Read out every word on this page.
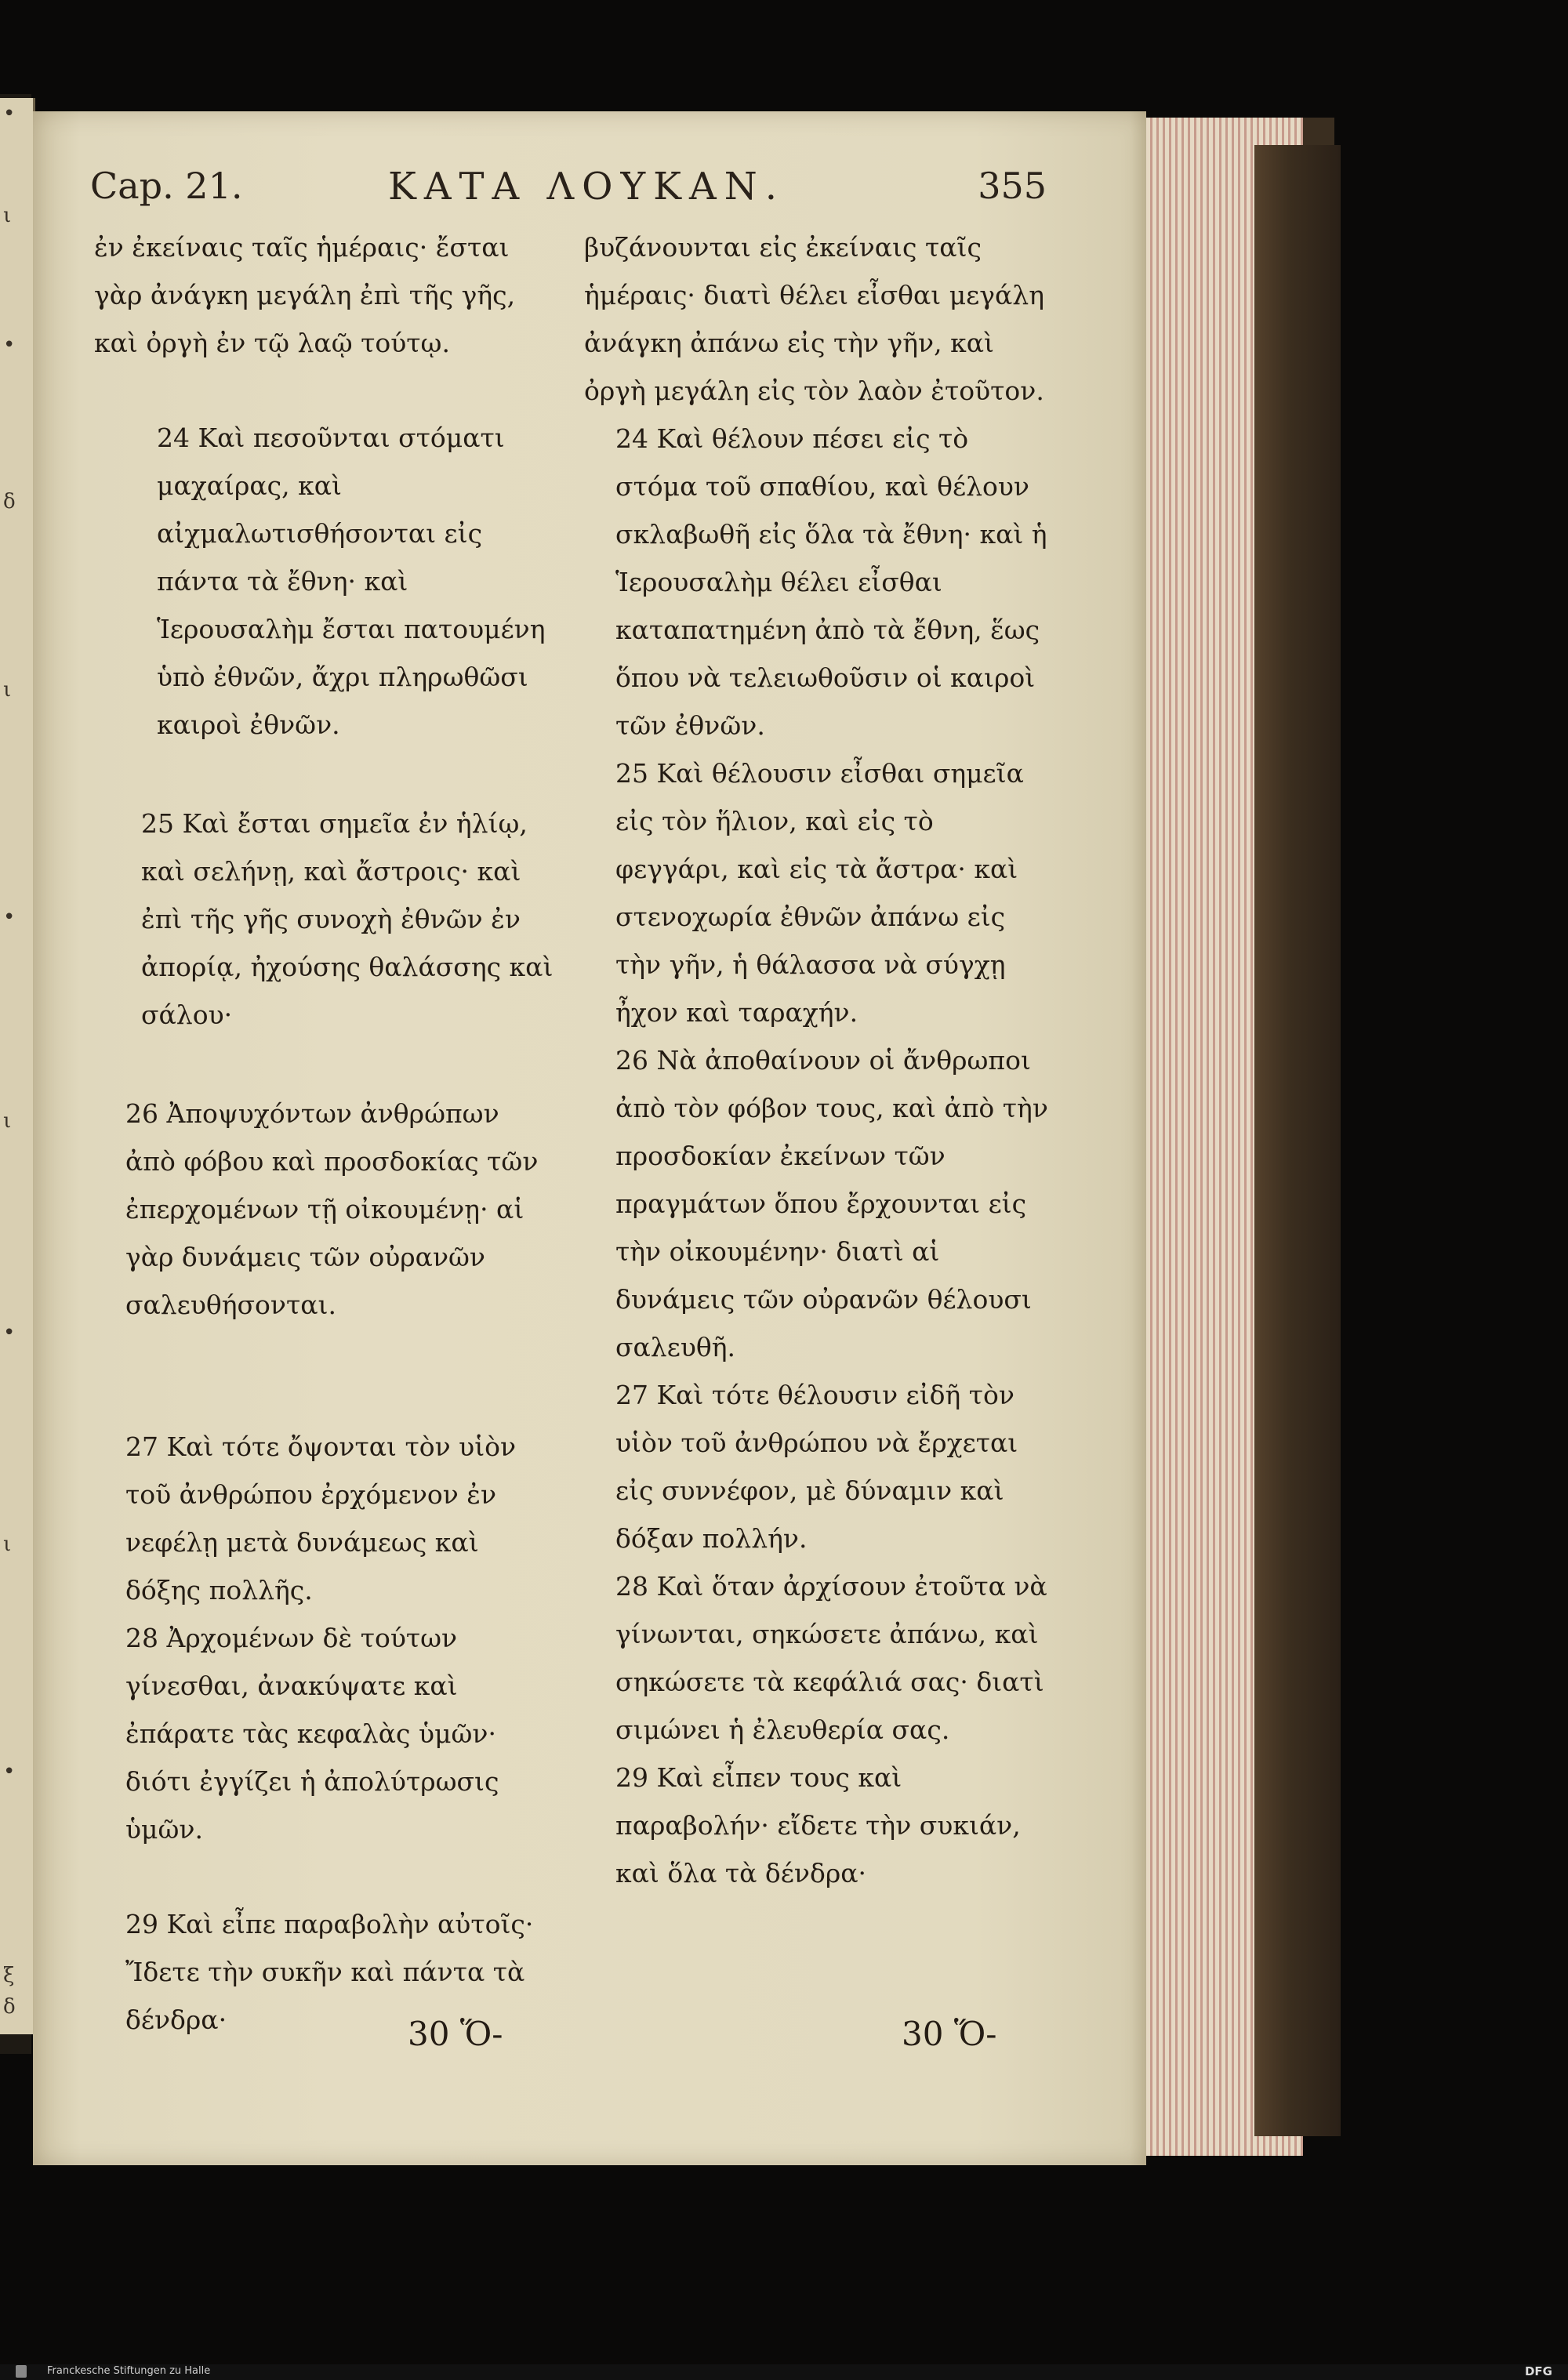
•
ι
•
δ
ι
•
ι
•
ι
•
ξ
δ
Cap. 21.	ΚΑΤΑ ΛΟΥΚΑΝ.	355

ἐν ἐκείναις ταῖς ἡμέραις· ἔσται γὰρ ἀνάγκη μεγάλη ἐπὶ τῆς γῆς, καὶ ὀργὴ ἐν τῷ λαῷ τούτῳ.

24 Καὶ πεσοῦνται στόματι μαχαίρας, καὶ αἰχμαλωτισθήσονται εἰς πάντα τὰ ἔθνη· καὶ Ἱερουσαλὴμ ἔσται πατουμένη ὑπὸ ἐθνῶν, ἄχρι πληρωθῶσι καιροὶ ἐθνῶν.

25 Καὶ ἔσται σημεῖα ἐν ἡλίῳ, καὶ σελήνῃ, καὶ ἄστροις· καὶ ἐπὶ τῆς γῆς συνοχὴ ἐθνῶν ἐν ἀπορίᾳ, ἠχούσης θαλάσσης καὶ σάλου·

26 Ἀποψυχόντων ἀνθρώπων ἀπὸ φόβου καὶ προσδοκίας τῶν ἐπερχομένων τῇ οἰκουμένῃ· αἱ γὰρ δυνάμεις τῶν οὐρανῶν σαλευθήσονται.

27 Καὶ τότε ὄψονται τὸν υἱὸν τοῦ ἀνθρώπου ἐρχόμενον ἐν νεφέλῃ μετὰ δυνάμεως καὶ δόξης πολλῆς.

28 Ἀρχομένων δὲ τούτων γίνεσθαι, ἀνακύψατε καὶ ἐπάρατε τὰς κεφαλὰς ὑμῶν· διότι ἐγγίζει ἡ ἀπολύτρωσις ὑμῶν.

29 Καὶ εἶπε παραβολὴν αὐτοῖς· Ἴδετε τὴν συκῆν καὶ πάντα τὰ δένδρα·

βυζάνουνται εἰς ἐκείναις ταῖς ἡμέραις· διατὶ θέλει εἶσθαι μεγάλη ἀνάγκη ἀπάνω εἰς τὴν γῆν, καὶ ὀργὴ μεγάλη εἰς τὸν λαὸν ἐτοῦτον.

24 Καὶ θέλουν πέσει εἰς τὸ στόμα τοῦ σπαθίου, καὶ θέλουν σκλαβωθῆ εἰς ὅλα τὰ ἔθνη· καὶ ἡ Ἱερουσαλὴμ θέλει εἶσθαι καταπατημένη ἀπὸ τὰ ἔθνη, ἕως ὅπου νὰ τελειωθοῦσιν οἱ καιροὶ τῶν ἐθνῶν.

25 Καὶ θέλουσιν εἶσθαι σημεῖα εἰς τὸν ἥλιον, καὶ εἰς τὸ φεγγάρι, καὶ εἰς τὰ ἄστρα· καὶ στενοχωρία ἐθνῶν ἀπάνω εἰς τὴν γῆν, ἡ θάλασσα νὰ σύγχῃ ἦχον καὶ ταραχήν.

26 Νὰ ἀποθαίνουν οἱ ἄνθρωποι ἀπὸ τὸν φόβον τους, καὶ ἀπὸ τὴν προσδοκίαν ἐκείνων τῶν πραγμάτων ὅπου ἔρχουνται εἰς τὴν οἰκουμένην· διατὶ αἱ δυνάμεις τῶν οὐρανῶν θέλουσι σαλευθῆ.

27 Καὶ τότε θέλουσιν εἰδῆ τὸν υἱὸν τοῦ ἀνθρώπου νὰ ἔρχεται εἰς συννέφον, μὲ δύναμιν καὶ δόξαν πολλήν.

28 Καὶ ὅταν ἀρχίσουν ἐτοῦτα νὰ γίνωνται, σηκώσετε ἀπάνω, καὶ σηκώσετε τὰ κεφάλιά σας· διατὶ σιμώνει ἡ ἐλευθερία σας.

29 Καὶ εἶπεν τους καὶ παραβολήν· εἴδετε τὴν συκιάν, καὶ ὅλα τὰ δένδρα·

30 Ὅ-	30 Ὅ-
Franckesche Stiftungen zu Halle	DFG
